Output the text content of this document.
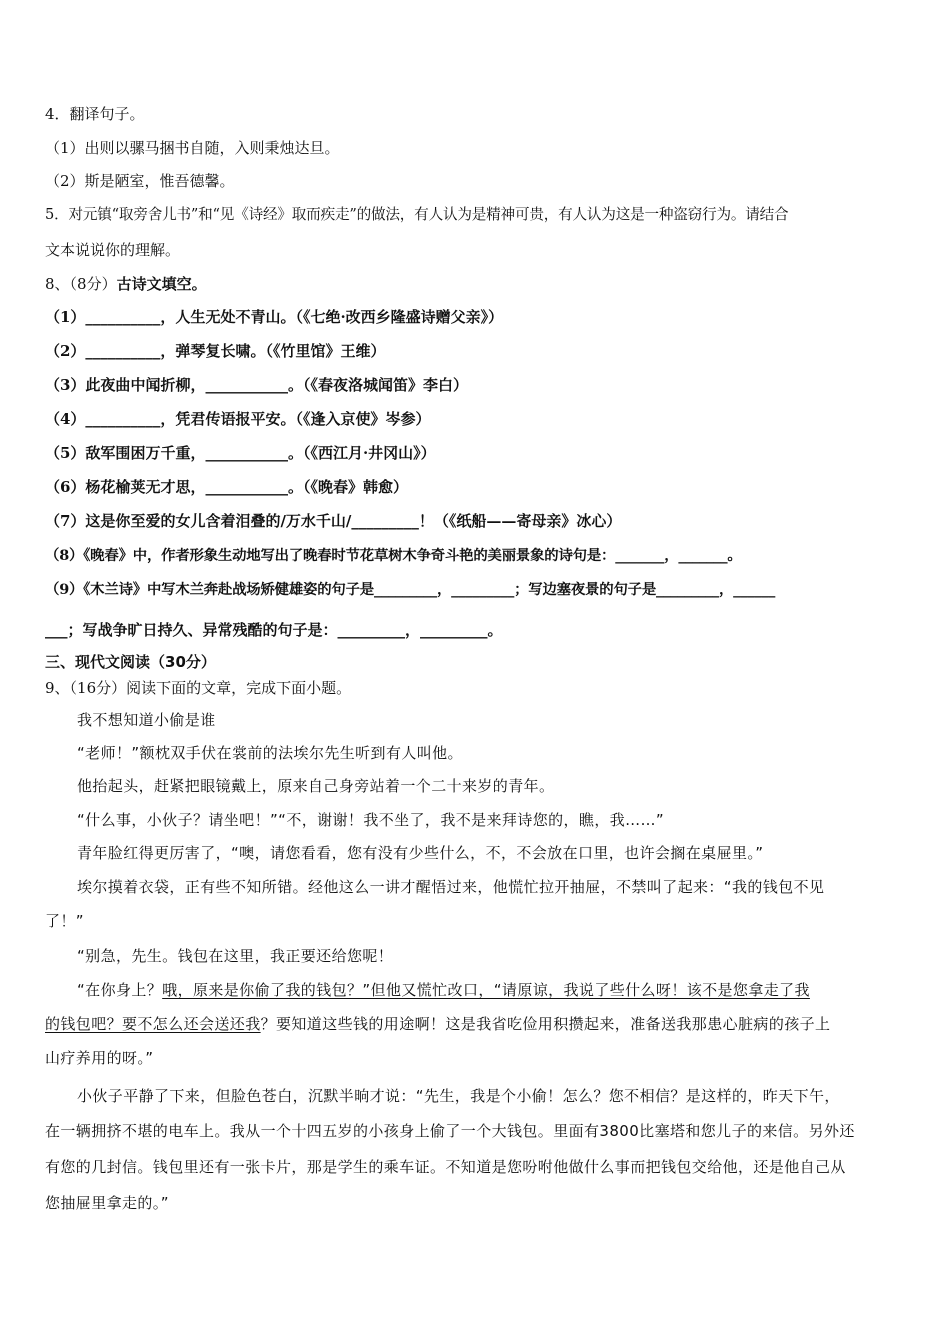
4．翻译句子。
（1）出则以骡马捆书自随，入则秉烛达旦。
（2）斯是陋室，惟吾德馨。
5．对元镇“取旁舍儿书”和“见《诗经》取而疾走”的做法，有人认为是精神可贵，有人认为这是一种盗窃行为。请结合
文本说说你的理解。
8、（8分）古诗文填空。
（1）__________，人生无处不青山。（《七绝·改西乡隆盛诗赠父亲》）
（2）__________，弹琴复长啸。（《竹里馆》王维）
（3）此夜曲中闻折柳，___________。（《春夜洛城闻笛》李白）
（4）__________，凭君传语报平安。（《逢入京使》岑参）
（5）敌军围困万千重，___________。（《西江月·井冈山》）
（6）杨花榆荚无才思，___________。（《晚春》韩愈）
（7）这是你至爱的女儿含着泪叠的/万水千山/_________！（《纸船——寄母亲》冰心）
（8）《晚春》中，作者形象生动地写出了晚春时节花草树木争奇斗艳的美丽景象的诗句是：_______，_______。
（9）《木兰诗》中写木兰奔赴战场矫健雄姿的句子是_________，_________；写边塞夜景的句子是_________，______
___；写战争旷日持久、异常残酷的句子是：_________，_________。
三、现代文阅读（30分）
9、（16分）阅读下面的文章，完成下面小题。
我不想知道小偷是谁
“老师！”额枕双手伏在裳前的法埃尔先生听到有人叫他。
他抬起头，赶紧把眼镜戴上，原来自己身旁站着一个二十来岁的青年。
“什么事，小伙子？请坐吧！”“不，谢谢！我不坐了，我不是来拜诗您的，瞧，我……”
青年脸红得更厉害了，“噢，请您看看，您有没有少些什么，不，不会放在口里，也许会搁在桌屉里。”
埃尔摸着衣袋，正有些不知所错。经他这么一讲才醒悟过来，他慌忙拉开抽屉，不禁叫了起来：“我的钱包不见
了！”
“别急，先生。钱包在这里，我正要还给您呢！
“在你身上？哦，原来是你偷了我的钱包？”但他又慌忙改口，“请原谅，我说了些什么呀！该不是您拿走了我
的钱包吧？要不怎么还会送还我？要知道这些钱的用途啊！这是我省吃俭用积攒起来，准备送我那患心脏病的孩子上
山疗养用的呀。”
小伙子平静了下来，但脸色苍白，沉默半晌才说：“先生，我是个小偷！怎么？您不相信？是这样的，昨天下午，
在一辆拥挤不堪的电车上。我从一个十四五岁的小孩身上偷了一个大钱包。里面有3800比塞塔和您儿子的来信。另外还
有您的几封信。钱包里还有一张卡片，那是学生的乘车证。不知道是您吩咐他做什么事而把钱包交给他，还是他自己从
您抽屉里拿走的。”
